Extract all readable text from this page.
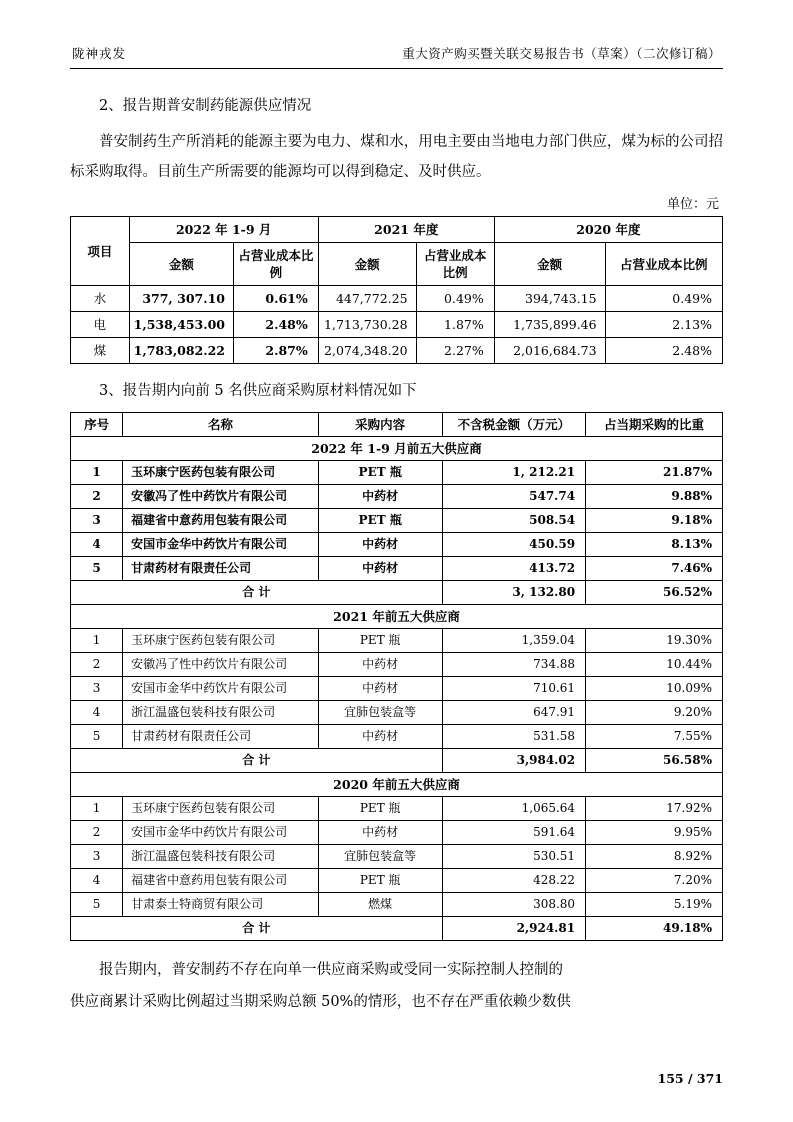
陇神戎发	重大资产购买暨关联交易报告书（草案）（二次修订稿）

2、报告期普安制药能源供应情况

普安制药生产所消耗的能源主要为电力、煤和水，用电主要由当地电力部门供应，煤为标的公司招标采购取得。目前生产所需要的能源均可以得到稳定、及时供应。

单位：元
项目	2022 年 1-9 月		2021 年度		2020 年度	
	金额	占营业成本比例	金额	占营业成本比例	金额	占营业成本比例
水	377, 307.10	0.61%	447,772.25	0.49%	394,743.15	0.49%
电	1,538,453.00	2.48%	1,713,730.28	1.87%	1,735,899.46	2.13%
煤	1,783,082.22	2.87%	2,074,348.20	2.27%	2,016,684.73	2.48%

3、报告期内向前 5 名供应商采购原材料情况如下

序号	名称	采购内容	不含税金额（万元）	占当期采购的比重
2022 年 1-9 月前五大供应商				
1	玉环康宁医药包装有限公司	PET 瓶	1, 212.21	21.87%
2	安徽冯了性中药饮片有限公司	中药材	547.74	9.88%
3	福建省中意药用包装有限公司	PET 瓶	508.54	9.18%
4	安国市金华中药饮片有限公司	中药材	450.59	8.13%
5	甘肃药材有限责任公司	中药材	413.72	7.46%
合 计			3, 132.80	56.52%
2021 年前五大供应商				
1	玉环康宁医药包装有限公司	PET 瓶	1,359.04	19.30%
2	安徽冯了性中药饮片有限公司	中药材	734.88	10.44%
3	安国市金华中药饮片有限公司	中药材	710.61	10.09%
4	浙江温盛包装科技有限公司	宜肺包装盒等	647.91	9.20%
5	甘肃药材有限责任公司	中药材	531.58	7.55%
合 计			3,984.02	56.58%
2020 年前五大供应商				
1	玉环康宁医药包装有限公司	PET 瓶	1,065.64	17.92%
2	安国市金华中药饮片有限公司	中药材	591.64	9.95%
3	浙江温盛包装科技有限公司	宜肺包装盒等	530.51	8.92%
4	福建省中意药用包装有限公司	PET 瓶	428.22	7.20%
5	甘肃泰士特商贸有限公司	燃煤	308.80	5.19%
合 计			2,924.81	49.18%

报告期内，普安制药不存在向单一供应商采购或受同一实际控制人控制的

供应商累计采购比例超过当期采购总额 50%的情形，也不存在严重依赖少数供

155 / 371
